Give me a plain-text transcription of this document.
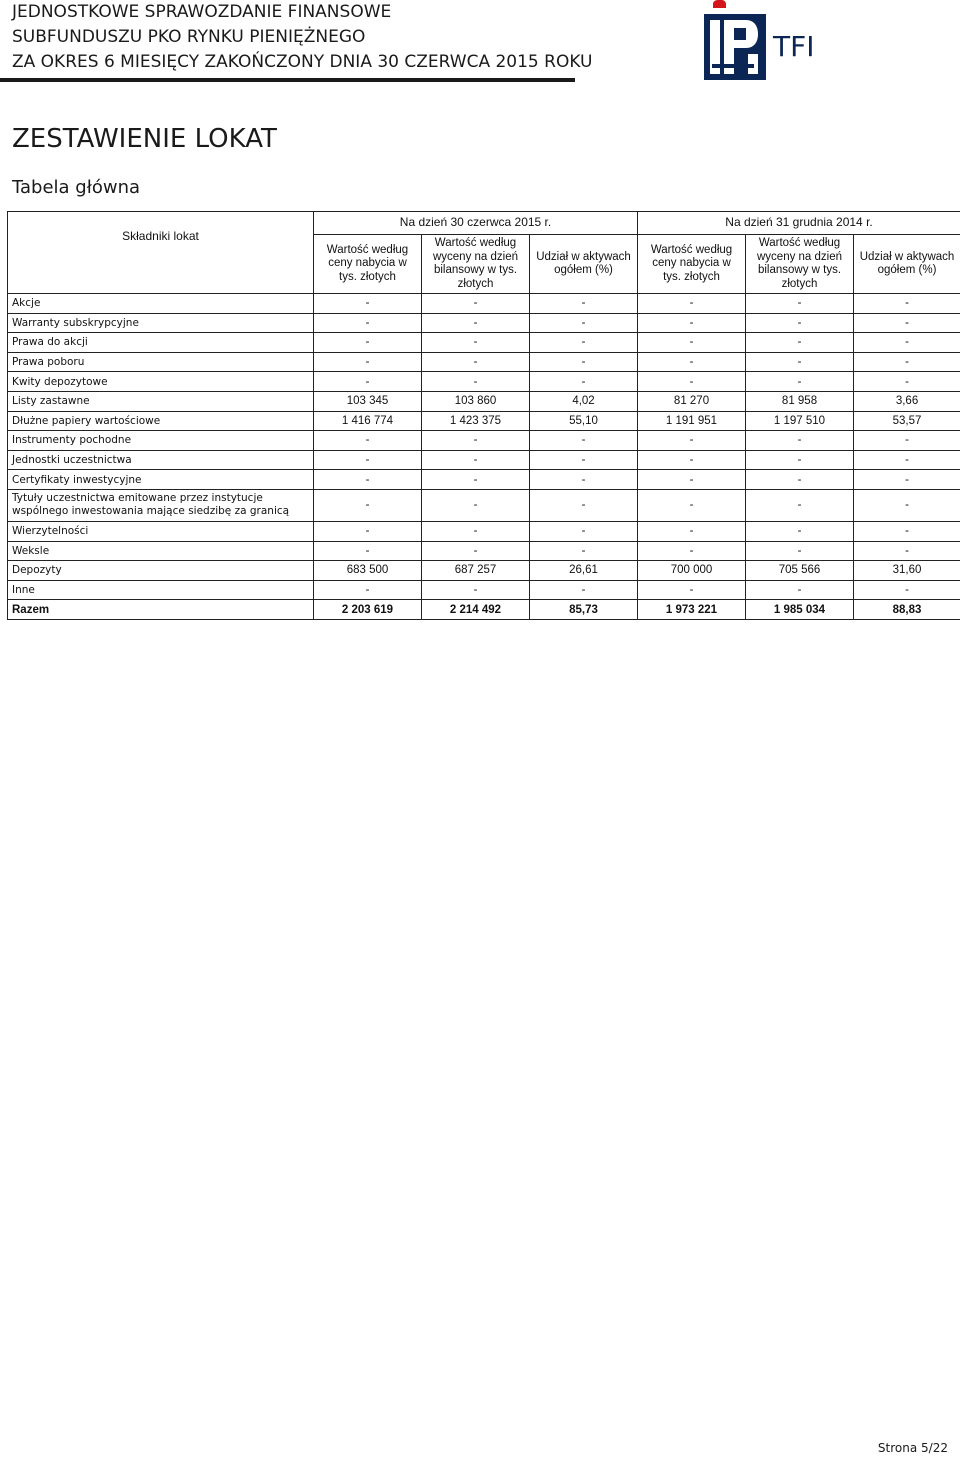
JEDNOSTKOWE SPRAWOZDANIE FINANSOWE
SUBFUNDUSZU PKO RYNKU PIENIĘŻNEGO
ZA OKRES 6 MIESIĘCY ZAKOŃCZONY DNIA 30 CZERWCA 2015 ROKU	TFI
ZESTAWIENIE LOKAT
Tabela główna
Składniki lokat	Na dzień 30 czerwca 2015 r.			Na dzień 31 grudnia 2014 r.		
	Wartość według ceny nabycia w tys. złotych	Wartość według wyceny na dzień bilansowy w tys. złotych	Udział w aktywach ogółem (%)	Wartość według ceny nabycia w tys. złotych	Wartość według wyceny na dzień bilansowy w tys. złotych	Udział w aktywach ogółem (%)
Akcje	-	-	-	-	-	-
Warranty subskrypcyjne	-	-	-	-	-	-
Prawa do akcji	-	-	-	-	-	-
Prawa poboru	-	-	-	-	-	-
Kwity depozytowe	-	-	-	-	-	-
Listy zastawne	103 345	103 860	4,02	81 270	81 958	3,66
Dłużne papiery wartościowe	1 416 774	1 423 375	55,10	1 191 951	1 197 510	53,57
Instrumenty pochodne	-	-	-	-	-	-
Jednostki uczestnictwa	-	-	-	-	-	-
Certyfikaty inwestycyjne	-	-	-	-	-	-
Tytuły uczestnictwa emitowane przez instytucje wspólnego inwestowania mające siedzibę za granicą	-	-	-	-	-	-
Wierzytelności	-	-	-	-	-	-
Weksle	-	-	-	-	-	-
Depozyty	683 500	687 257	26,61	700 000	705 566	31,60
Inne	-	-	-	-	-	-
Razem	2 203 619	2 214 492	85,73	1 973 221	1 985 034	88,83
Strona 5/22
